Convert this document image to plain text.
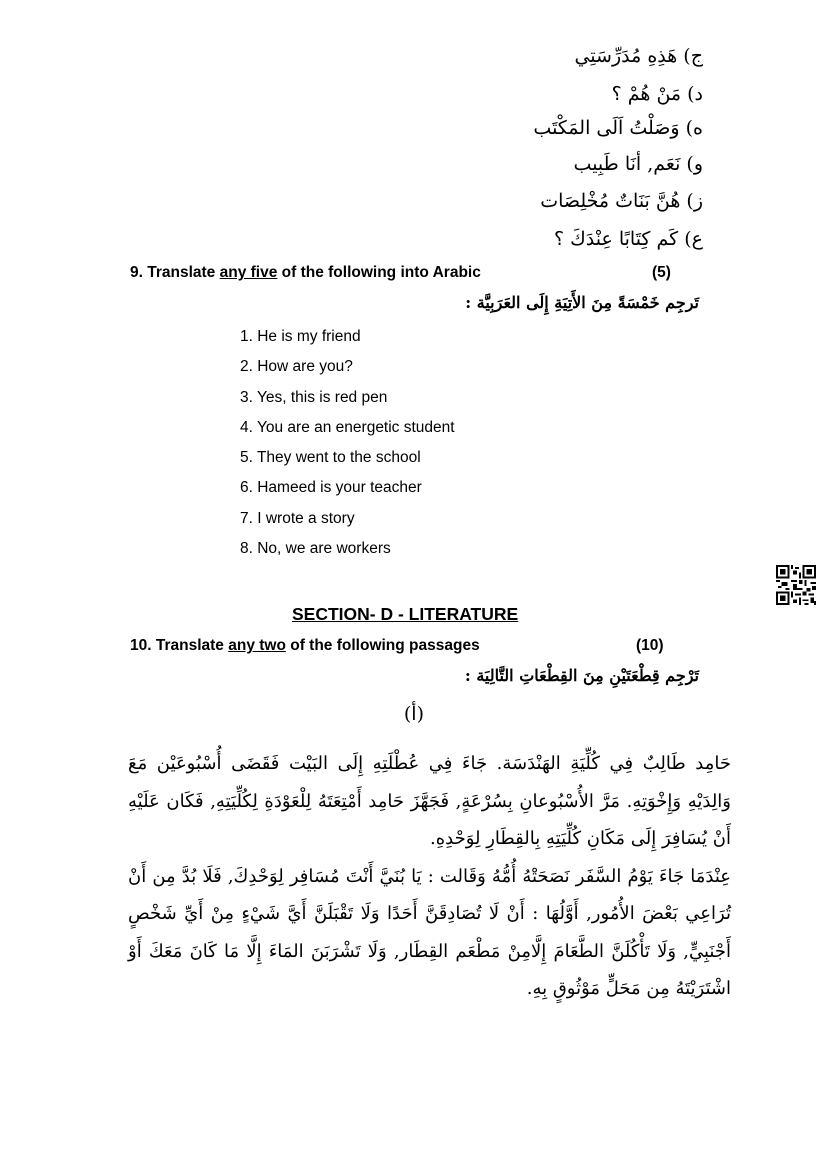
ج) هَذِهِ مُدَرِّسَتِي
د) مَنْ هُمْ ؟
ه) وَصَلْتُ اَلَى المَكْتَب
و) نَعَم, أنَا طَبِيب
ز) هُنَّ بَنَاتٌ مُخْلِصَات
ع) كَم كِتَابًا عِنْدَكَ ؟
9. Translate any five of the following into Arabic	(5)
تَرجِم خَمْسَةً مِنَ الأَتِيَةِ إِلَى العَرَبِيَّة :
1. He is my friend
2. How are you?
3. Yes, this is red pen
4. You are an energetic student
5. They went to the school
6. Hameed is your teacher
7. I wrote a story
8. No, we are workers
SECTION- D - LITERATURE
10. Translate any two of the following passages	(10)
تَرْجِم قِطْعَتَيْنِ مِنَ القِطْعَاتِ التَّالِيَة :
(أ)

حَامِد طَالِبٌ فِي كُلِّيَةِ الهَنْدَسَة. جَاءَ فِي عُطْلَتِهِ إِلَى البَيْت فَقَضَى أُسْبُوعَيْن مَعَ وَالِدَيْهِ وَإِخْوَتِهِ. مَرَّ الأُسْبُوعانِ بِسُرْعَةٍ, فَجَهَّزَ حَامِد أَمْتِعَتَهُ لِلْعَوْدَةِ لِكُلِّيَتِهِ, فَكَان عَلَيْهِ أَنْ يُسَافِرَ إِلَى مَكَانِ كُلِّيَتِهِ بِالقِطَارِ لِوَحْدِهِ.

عِنْدَمَا جَاءَ يَوْمُ السَّفَر نَصَحَتْهُ أُمُّهُ وَقَالت : يَا بُنَيَّ أَنْتَ مُسَافِر لِوَحْدِكَ, فَلَا بُدَّ مِن أَنْ تُرَاعِي بَعْضَ الأُمُور, أَوَّلُهَا : أَنْ لَا تُصَادِقَنَّ أَحَدًا وَلَا تَقْبَلَنَّ أَيَّ شَيْءٍ مِنْ أَيِّ شَخْصٍ أَجْنَبِيٍّ, وَلَا تَأْكُلَنَّ الطَّعَامَ إِلَّامِنْ مَطْعَم القِطَار, وَلَا تَشْرَبَنَ المَاءَ إِلَّا مَا كَانَ مَعَكَ أَوْ اشْتَرَيْتَهُ مِن مَحَلٍّ مَوْثُوقٍ بِهِ.
